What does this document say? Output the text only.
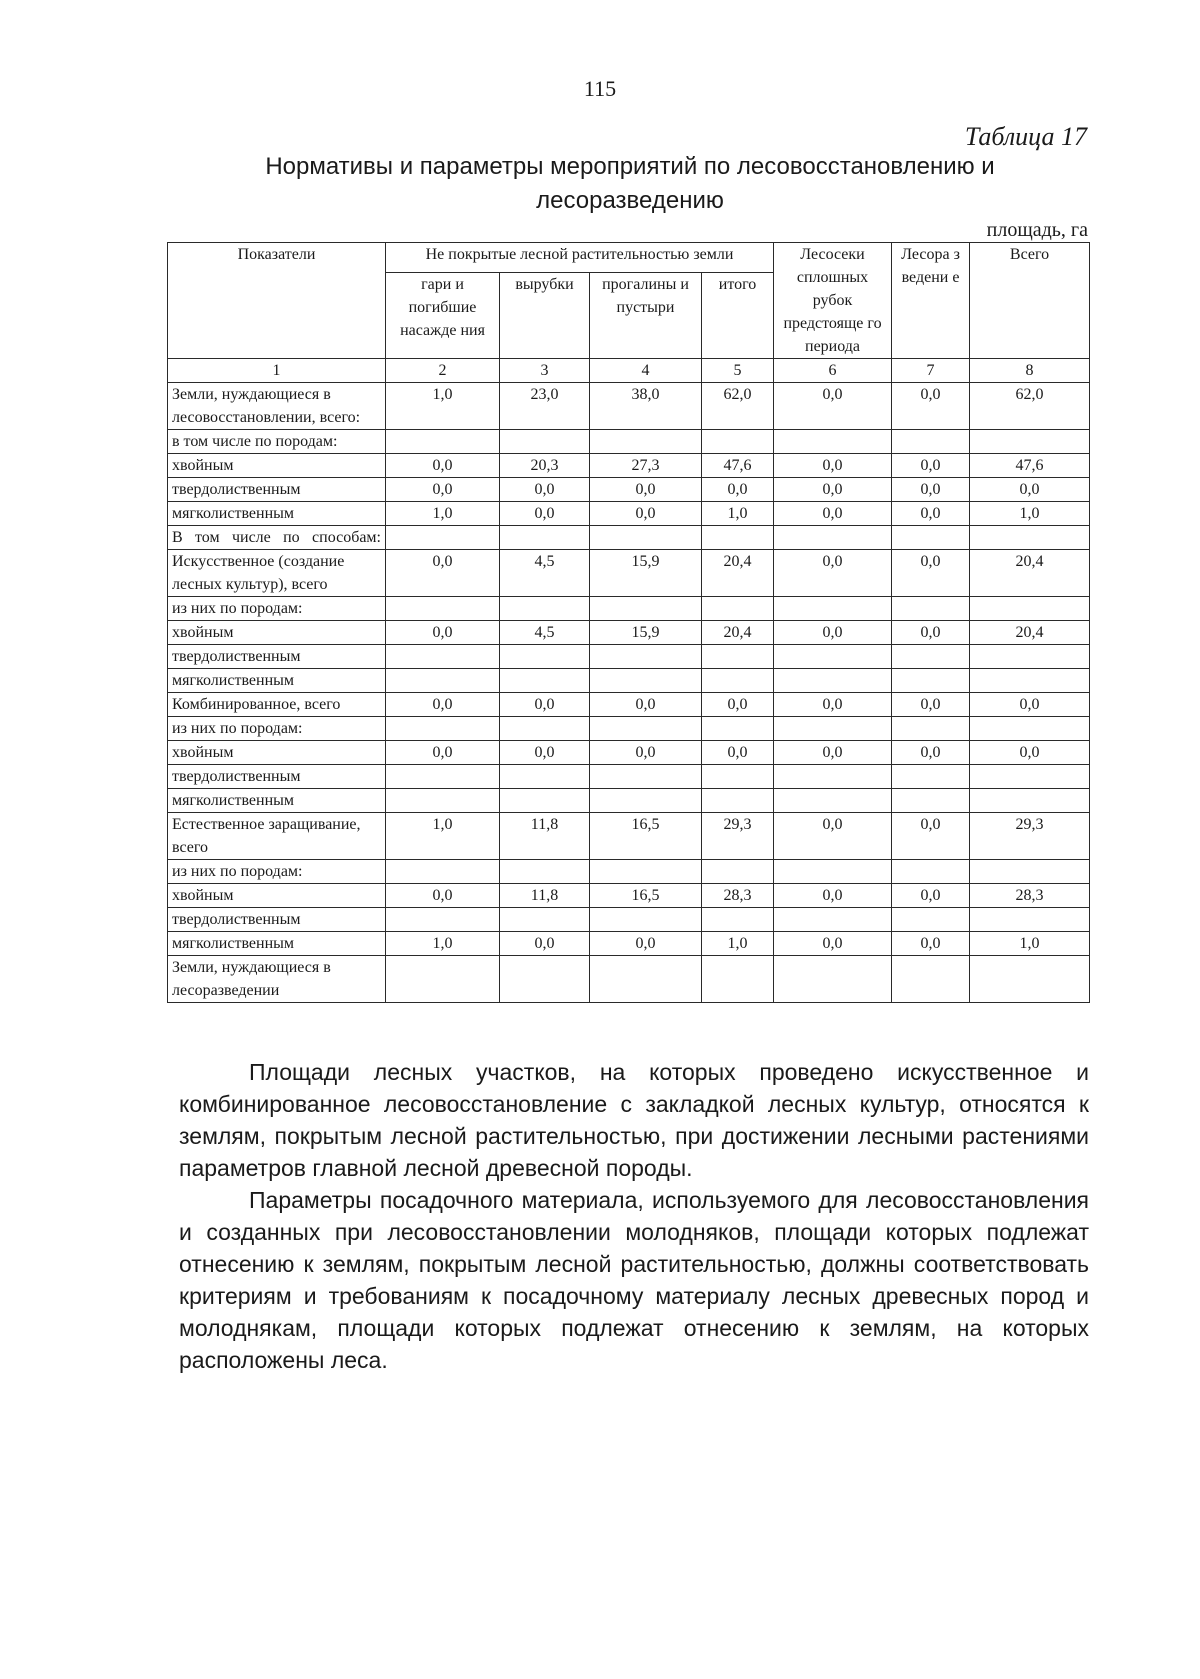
115
Таблица 17
Нормативы и параметры мероприятий по лесовосстановлению и
лесоразведению
площадь, га
Показатели	Не покрытые лесной растительностью земли				Лесосеки сплошных рубок предстояще го периода	Лесора з ведени е	Всего
	гари и погибшие насажде ния	вырубки	прогалины и пустыри	итого			
1	2	3	4	5	6	7	8
Земли, нуждающиеся в лесовосстановлении, всего:	1,0	23,0	38,0	62,0	0,0	0,0	62,0
в том числе по породам:							
хвойным	0,0	20,3	27,3	47,6	0,0	0,0	47,6
твердолиственным	0,0	0,0	0,0	0,0	0,0	0,0	0,0
мягколиственным	1,0	0,0	0,0	1,0	0,0	0,0	1,0
В том числе по способам:							
Искусственное (создание лесных культур), всего	0,0	4,5	15,9	20,4	0,0	0,0	20,4
из них по породам:							
хвойным	0,0	4,5	15,9	20,4	0,0	0,0	20,4
твердолиственным							
мягколиственным							
Комбинированное, всего	0,0	0,0	0,0	0,0	0,0	0,0	0,0
из них по породам:							
хвойным	0,0	0,0	0,0	0,0	0,0	0,0	0,0
твердолиственным							
мягколиственным							
Естественное заращивание, всего	1,0	11,8	16,5	29,3	0,0	0,0	29,3
из них по породам:							
хвойным	0,0	11,8	16,5	28,3	0,0	0,0	28,3
твердолиственным							
мягколиственным	1,0	0,0	0,0	1,0	0,0	0,0	1,0
Земли, нуждающиеся в лесоразведении							

Площади лесных участков, на которых проведено искусственное и комбинированное лесовосстановление с закладкой лесных культур, относятся к землям, покрытым лесной растительностью, при достижении лесными растениями параметров главной лесной древесной породы.

Параметры посадочного материала, используемого для лесовосстановления и созданных при лесовосстановлении молодняков, площади которых подлежат отнесению к землям, покрытым лесной растительностью, должны соответствовать критериям и требованиям к посадочному материалу лесных древесных пород и молоднякам, площади которых подлежат отнесению к землям, на которых расположены леса.
